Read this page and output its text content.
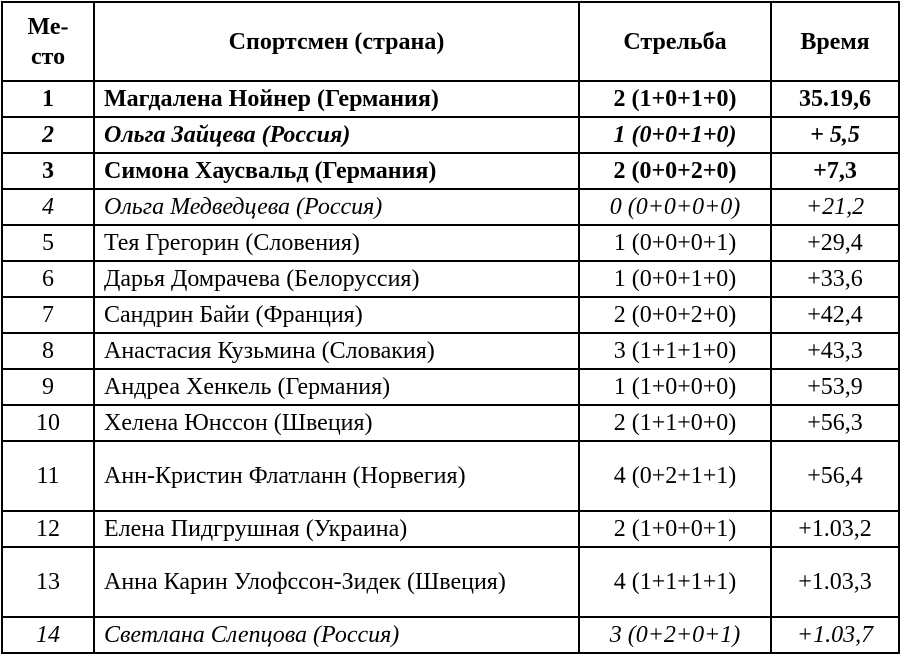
Ме-
сто	Спортсмен (страна)	Стрельба	Время
1	Магдалена Нойнер (Германия)	2 (1+0+1+0)	35.19,6
2	Ольга Зайцева (Россия)	1 (0+0+1+0)	+ 5,5
3	Симона Хаусвальд (Германия)	2 (0+0+2+0)	+7,3
4	Ольга Медведцева (Россия)	0 (0+0+0+0)	+21,2
5	Тея Грегорин (Словения)	1 (0+0+0+1)	+29,4
6	Дарья Домрачева (Белоруссия)	1 (0+0+1+0)	+33,6
7	Сандрин Байи (Франция)	2 (0+0+2+0)	+42,4
8	Анастасия Кузьмина (Словакия)	3 (1+1+1+0)	+43,3
9	Андреа Хенкель (Германия)	1 (1+0+0+0)	+53,9
10	Хелена Юнссон (Швеция)	2 (1+1+0+0)	+56,3
11	Анн-Кристин Флатланн (Норвегия)	4 (0+2+1+1)	+56,4
12	Елена Пидгрушная (Украина)	2 (1+0+0+1)	+1.03,2
13	Анна Карин Улофссон-Зидек (Швеция)	4 (1+1+1+1)	+1.03,3
14	Светлана Слепцова (Россия)	3 (0+2+0+1)	+1.03,7
